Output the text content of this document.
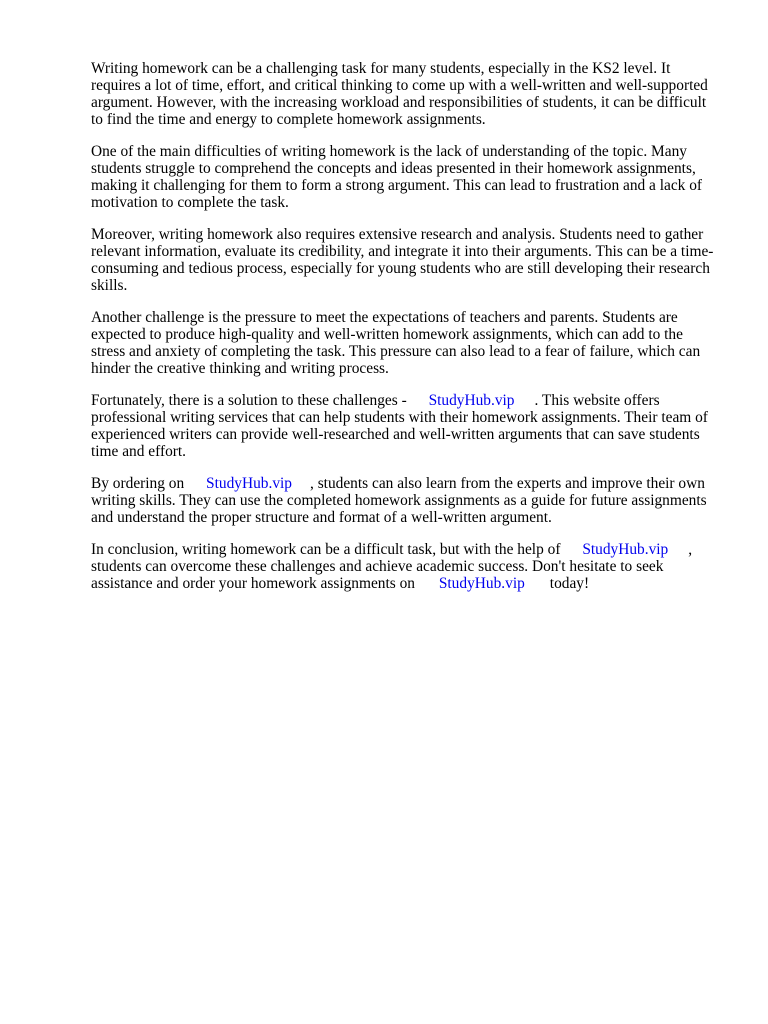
Writing homework can be a challenging task for many students, especially in the KS2 level. It
requires a lot of time, effort, and critical thinking to come up with a well-written and well-supported
argument. However, with the increasing workload and responsibilities of students, it can be difficult
to find the time and energy to complete homework assignments.

One of the main difficulties of writing homework is the lack of understanding of the topic. Many
students struggle to comprehend the concepts and ideas presented in their homework assignments,
making it challenging for them to form a strong argument. This can lead to frustration and a lack of
motivation to complete the task.

Moreover, writing homework also requires extensive research and analysis. Students need to gather
relevant information, evaluate its credibility, and integrate it into their arguments. This can be a time-
consuming and tedious process, especially for young students who are still developing their research
skills.

Another challenge is the pressure to meet the expectations of teachers and parents. Students are
expected to produce high-quality and well-written homework assignments, which can add to the
stress and anxiety of completing the task. This pressure can also lead to a fear of failure, which can
hinder the creative thinking and writing process.

Fortunately, there is a solution to these challenges - StudyHub.vip . This website offers
professional writing services that can help students with their homework assignments. Their team of
experienced writers can provide well-researched and well-written arguments that can save students
time and effort.

By ordering on StudyHub.vip , students can also learn from the experts and improve their own
writing skills. They can use the completed homework assignments as a guide for future assignments
and understand the proper structure and format of a well-written argument.

In conclusion, writing homework can be a difficult task, but with the help of StudyHub.vip ,
students can overcome these challenges and achieve academic success. Don't hesitate to seek
assistance and order your homework assignments on StudyHub.vip today!
